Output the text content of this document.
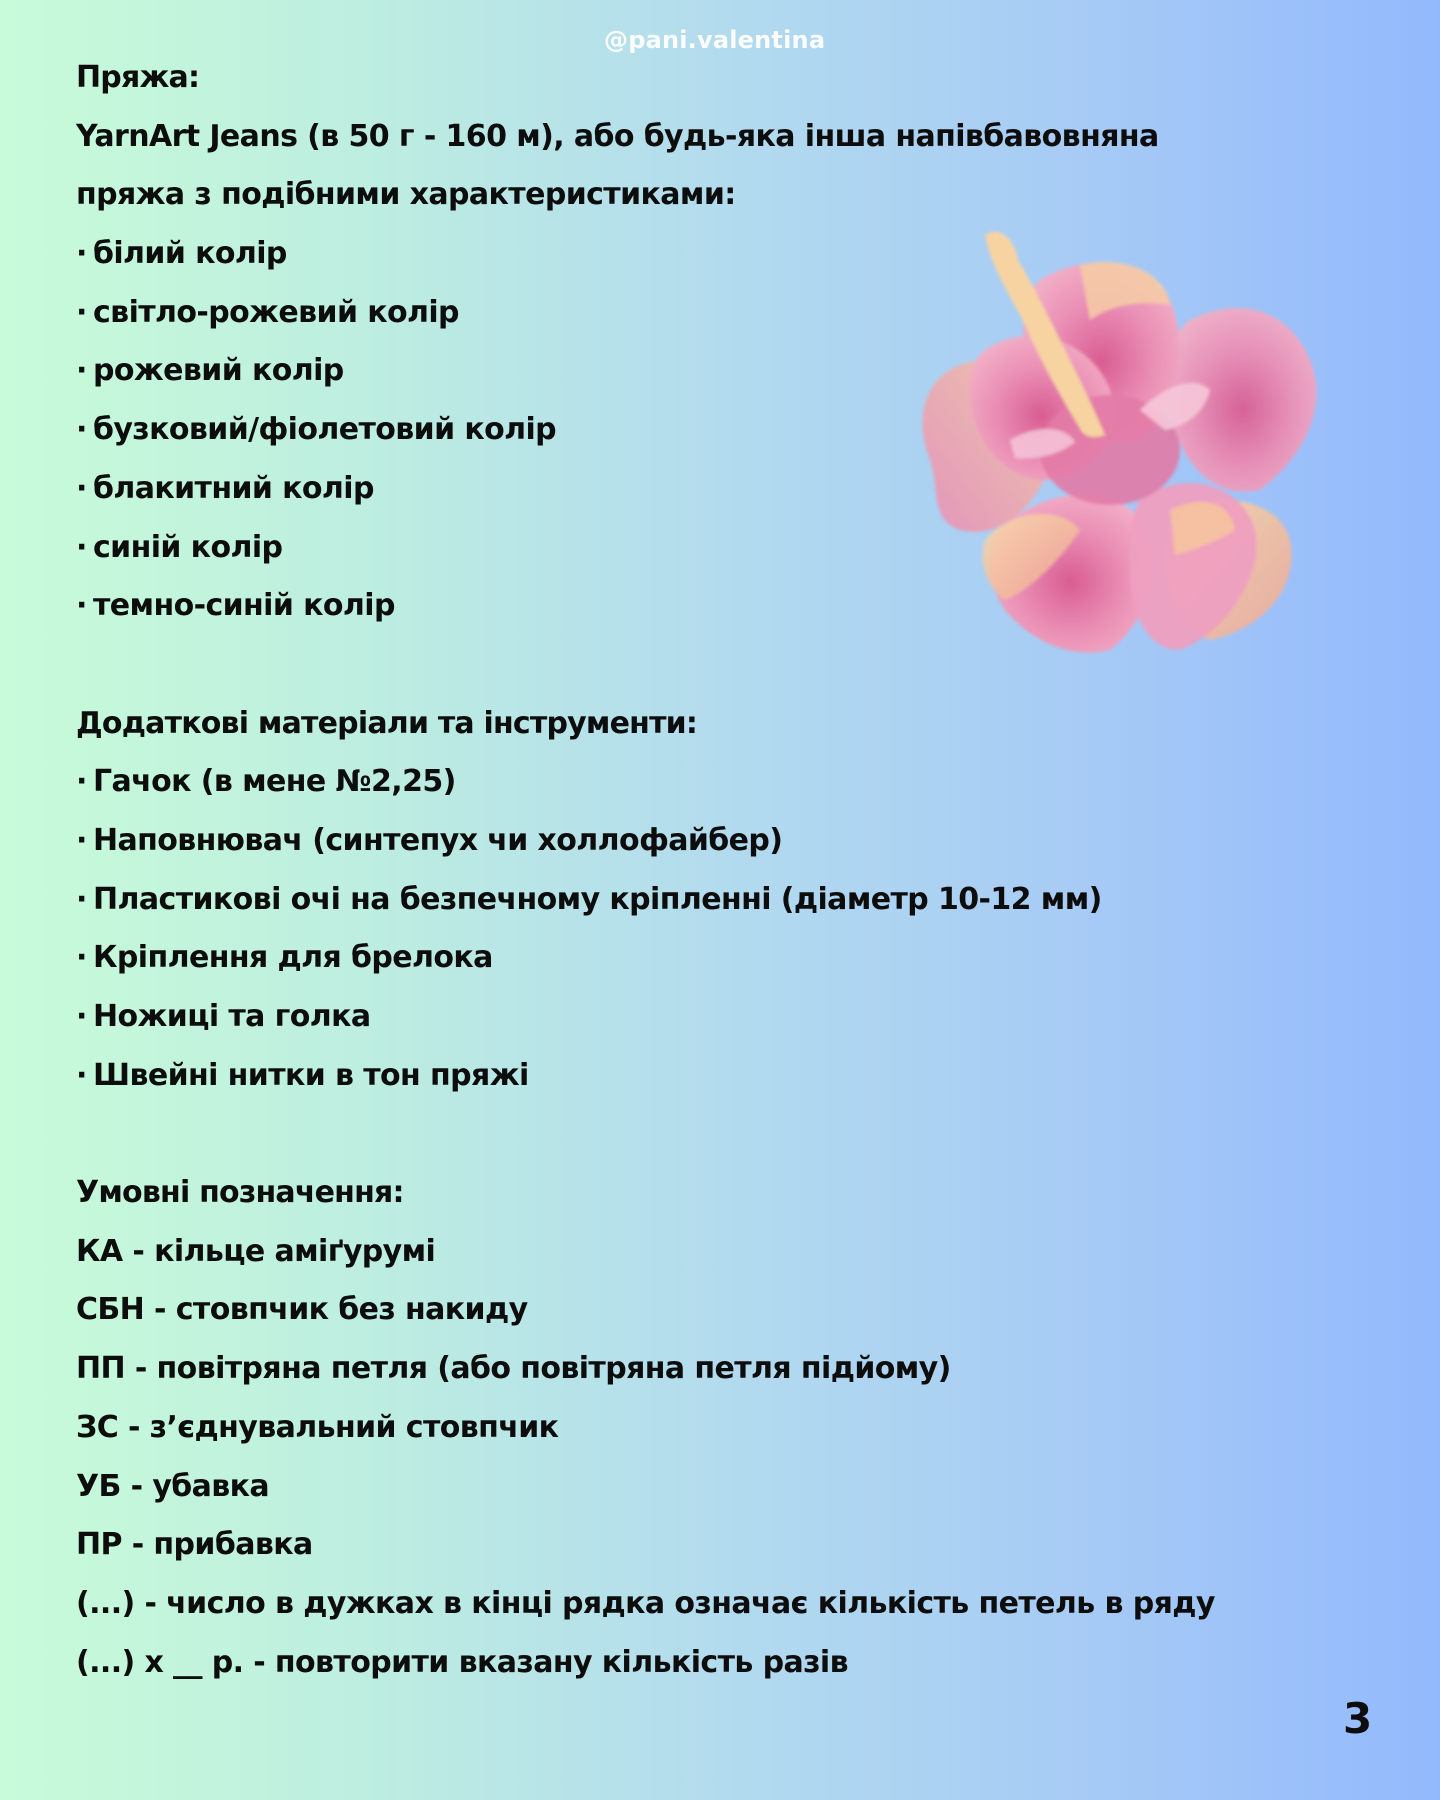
@pani.valentina
Пряжа:
YarnArt Jeans (в 50 г - 160 м), або будь-яка інша напівбавовняна
пряжа з подібними характеристиками:
· білий колір
· світло-рожевий колір
· рожевий колір
· бузковий/фіолетовий колір
· блакитний колір
· синій колір
· темно-синій колір
Додаткові матеріали та інструменти:
· Гачок (в мене №2,25)
· Наповнювач (синтепух чи холлофайбер)
· Пластикові очі на безпечному кріпленні (діаметр 10-12 мм)
· Кріплення для брелока
· Ножиці та голка
· Швейні нитки в тон пряжі
Умовні позначення:
КА - кільце аміґурумі
СБН - стовпчик без накиду
ПП - повітряна петля (або повітряна петля підйому)
ЗС - з’єднувальний стовпчик
УБ - убавка
ПР - прибавка
(...) - число в дужках в кінці рядка означає кількість петель в ряду
(...) x __ р. - повторити вказану кількість разів
3
